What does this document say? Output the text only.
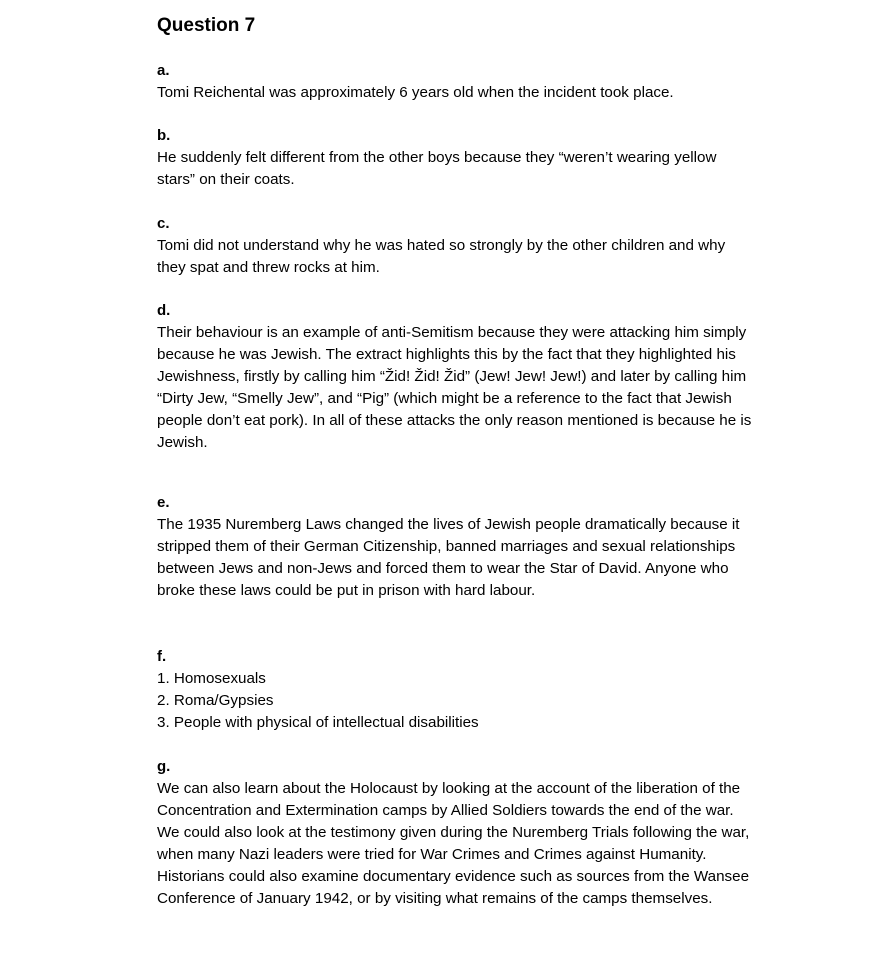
Question 7

a.

Tomi Reichental was approximately 6 years old when the incident took place.

b.

He suddenly felt different from the other boys because they “weren’t wearing yellow stars” on their coats.

c.

Tomi did not understand why he was hated so strongly by the other children and why they spat and threw rocks at him.

d.

Their behaviour is an example of anti-Semitism because they were attacking him simply because he was Jewish. The extract highlights this by the fact that they highlighted his Jewishness, firstly by calling him “Žid! Žid! Žid” (Jew! Jew! Jew!) and later by calling him “Dirty Jew, “Smelly Jew”, and “Pig” (which might be a reference to the fact that Jewish people don’t eat pork). In all of these attacks the only reason mentioned is because he is Jewish.

e.

The 1935 Nuremberg Laws changed the lives of Jewish people dramatically because it stripped them of their German Citizenship, banned marriages and sexual relationships between Jews and non-Jews and forced them to wear the Star of David. Anyone who broke these laws could be put in prison with hard labour.

f.

1. Homosexuals
2. Roma/Gypsies
3. People with physical of intellectual disabilities

g.

We can also learn about the Holocaust by looking at the account of the liberation of the Concentration and Extermination camps by Allied Soldiers towards the end of the war. We could also look at the testimony given during the Nuremberg Trials following the war, when many Nazi leaders were tried for War Crimes and Crimes against Humanity. Historians could also examine documentary evidence such as sources from the Wansee Conference of January 1942, or by visiting what remains of the camps themselves.
